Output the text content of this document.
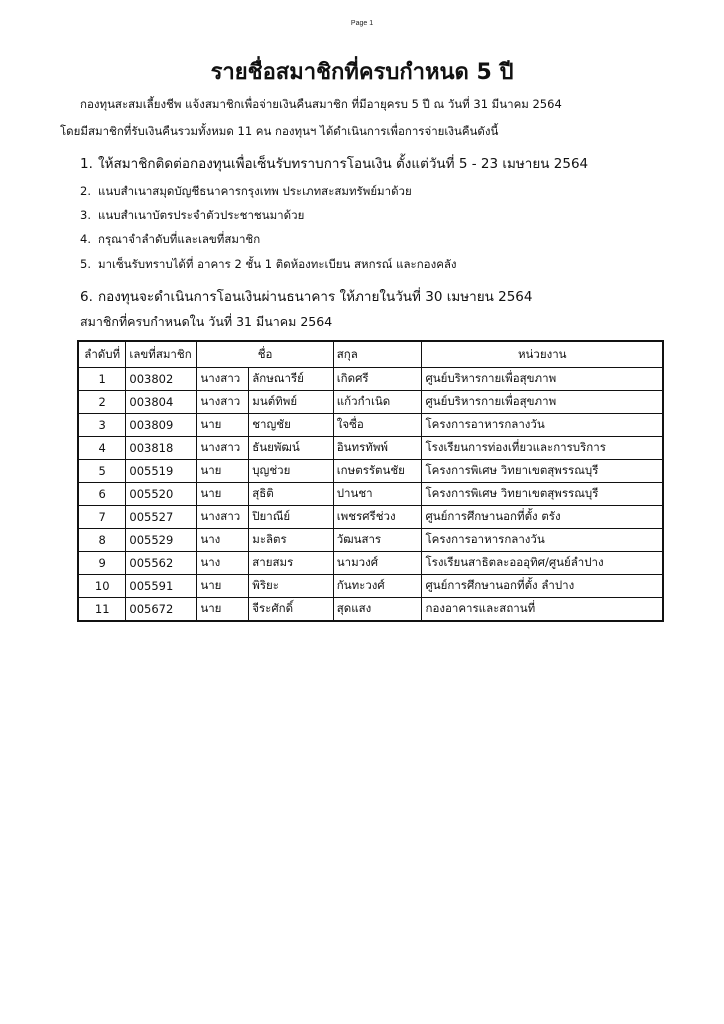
Page 1
รายชื่อสมาชิกที่ครบกำหนด 5 ปี
กองทุนสะสมเลี้ยงชีพ แจ้งสมาชิกเพื่อจ่ายเงินคืนสมาชิก ที่มีอายุครบ 5 ปี ณ วันที่ 31 มีนาคม 2564
โดยมีสมาชิกที่รับเงินคืนรวมทั้งหมด 11 คน กองทุนฯ ได้ดำเนินการเพื่อการจ่ายเงินคืนดังนี้
1. ให้สมาชิกติดต่อกองทุนเพื่อเซ็นรับทราบการโอนเงิน ตั้งแต่วันที่ 5 - 23 เมษายน 2564
2. แนบสำเนาสมุดบัญชีธนาคารกรุงเทพ ประเภทสะสมทรัพย์มาด้วย
3. แนบสำเนาบัตรประจำตัวประชาชนมาด้วย
4. กรุณาจำลำดับที่และเลขที่สมาชิก
5. มาเซ็นรับทราบได้ที่ อาคาร 2 ชั้น 1 ติดห้องทะเบียน สหกรณ์ และกองคลัง
6. กองทุนจะดำเนินการโอนเงินผ่านธนาคาร ให้ภายในวันที่ 30 เมษายน 2564
สมาชิกที่ครบกำหนดใน วันที่ 31 มีนาคม 2564
ลำดับที่	เลขที่สมาชิก	ชื่อ		สกุล	หน่วยงาน
1	003802	นางสาว	ลักษณารีย์	เกิดศรี	ศูนย์บริหารกายเพื่อสุขภาพ
2	003804	นางสาว	มนต์ทิพย์	แก้วกำเนิด	ศูนย์บริหารกายเพื่อสุขภาพ
3	003809	นาย	ชาญชัย	ใจซื่อ	โครงการอาหารกลางวัน
4	003818	นางสาว	ธันยพัฒน์	อินทรทัพพ์	โรงเรียนการท่องเที่ยวและการบริการ
5	005519	นาย	บุญช่วย	เกษตรรัตนชัย	โครงการพิเศษ วิทยาเขตสุพรรณบุรี
6	005520	นาย	สุธิติ	ปานชา	โครงการพิเศษ วิทยาเขตสุพรรณบุรี
7	005527	นางสาว	ปิยาณีย์	เพชรศรีช่วง	ศูนย์การศึกษานอกที่ตั้ง ตรัง
8	005529	นาง	มะลิตร	วัฒนสาร	โครงการอาหารกลางวัน
9	005562	นาง	สายสมร	นามวงศ์	โรงเรียนสาธิตละอออุทิศ/ศูนย์ลำปาง
10	005591	นาย	พิริยะ	กันทะวงศ์	ศูนย์การศึกษานอกที่ตั้ง ลำปาง
11	005672	นาย	จีระศักดิ์	สุดแสง	กองอาคารและสถานที่
